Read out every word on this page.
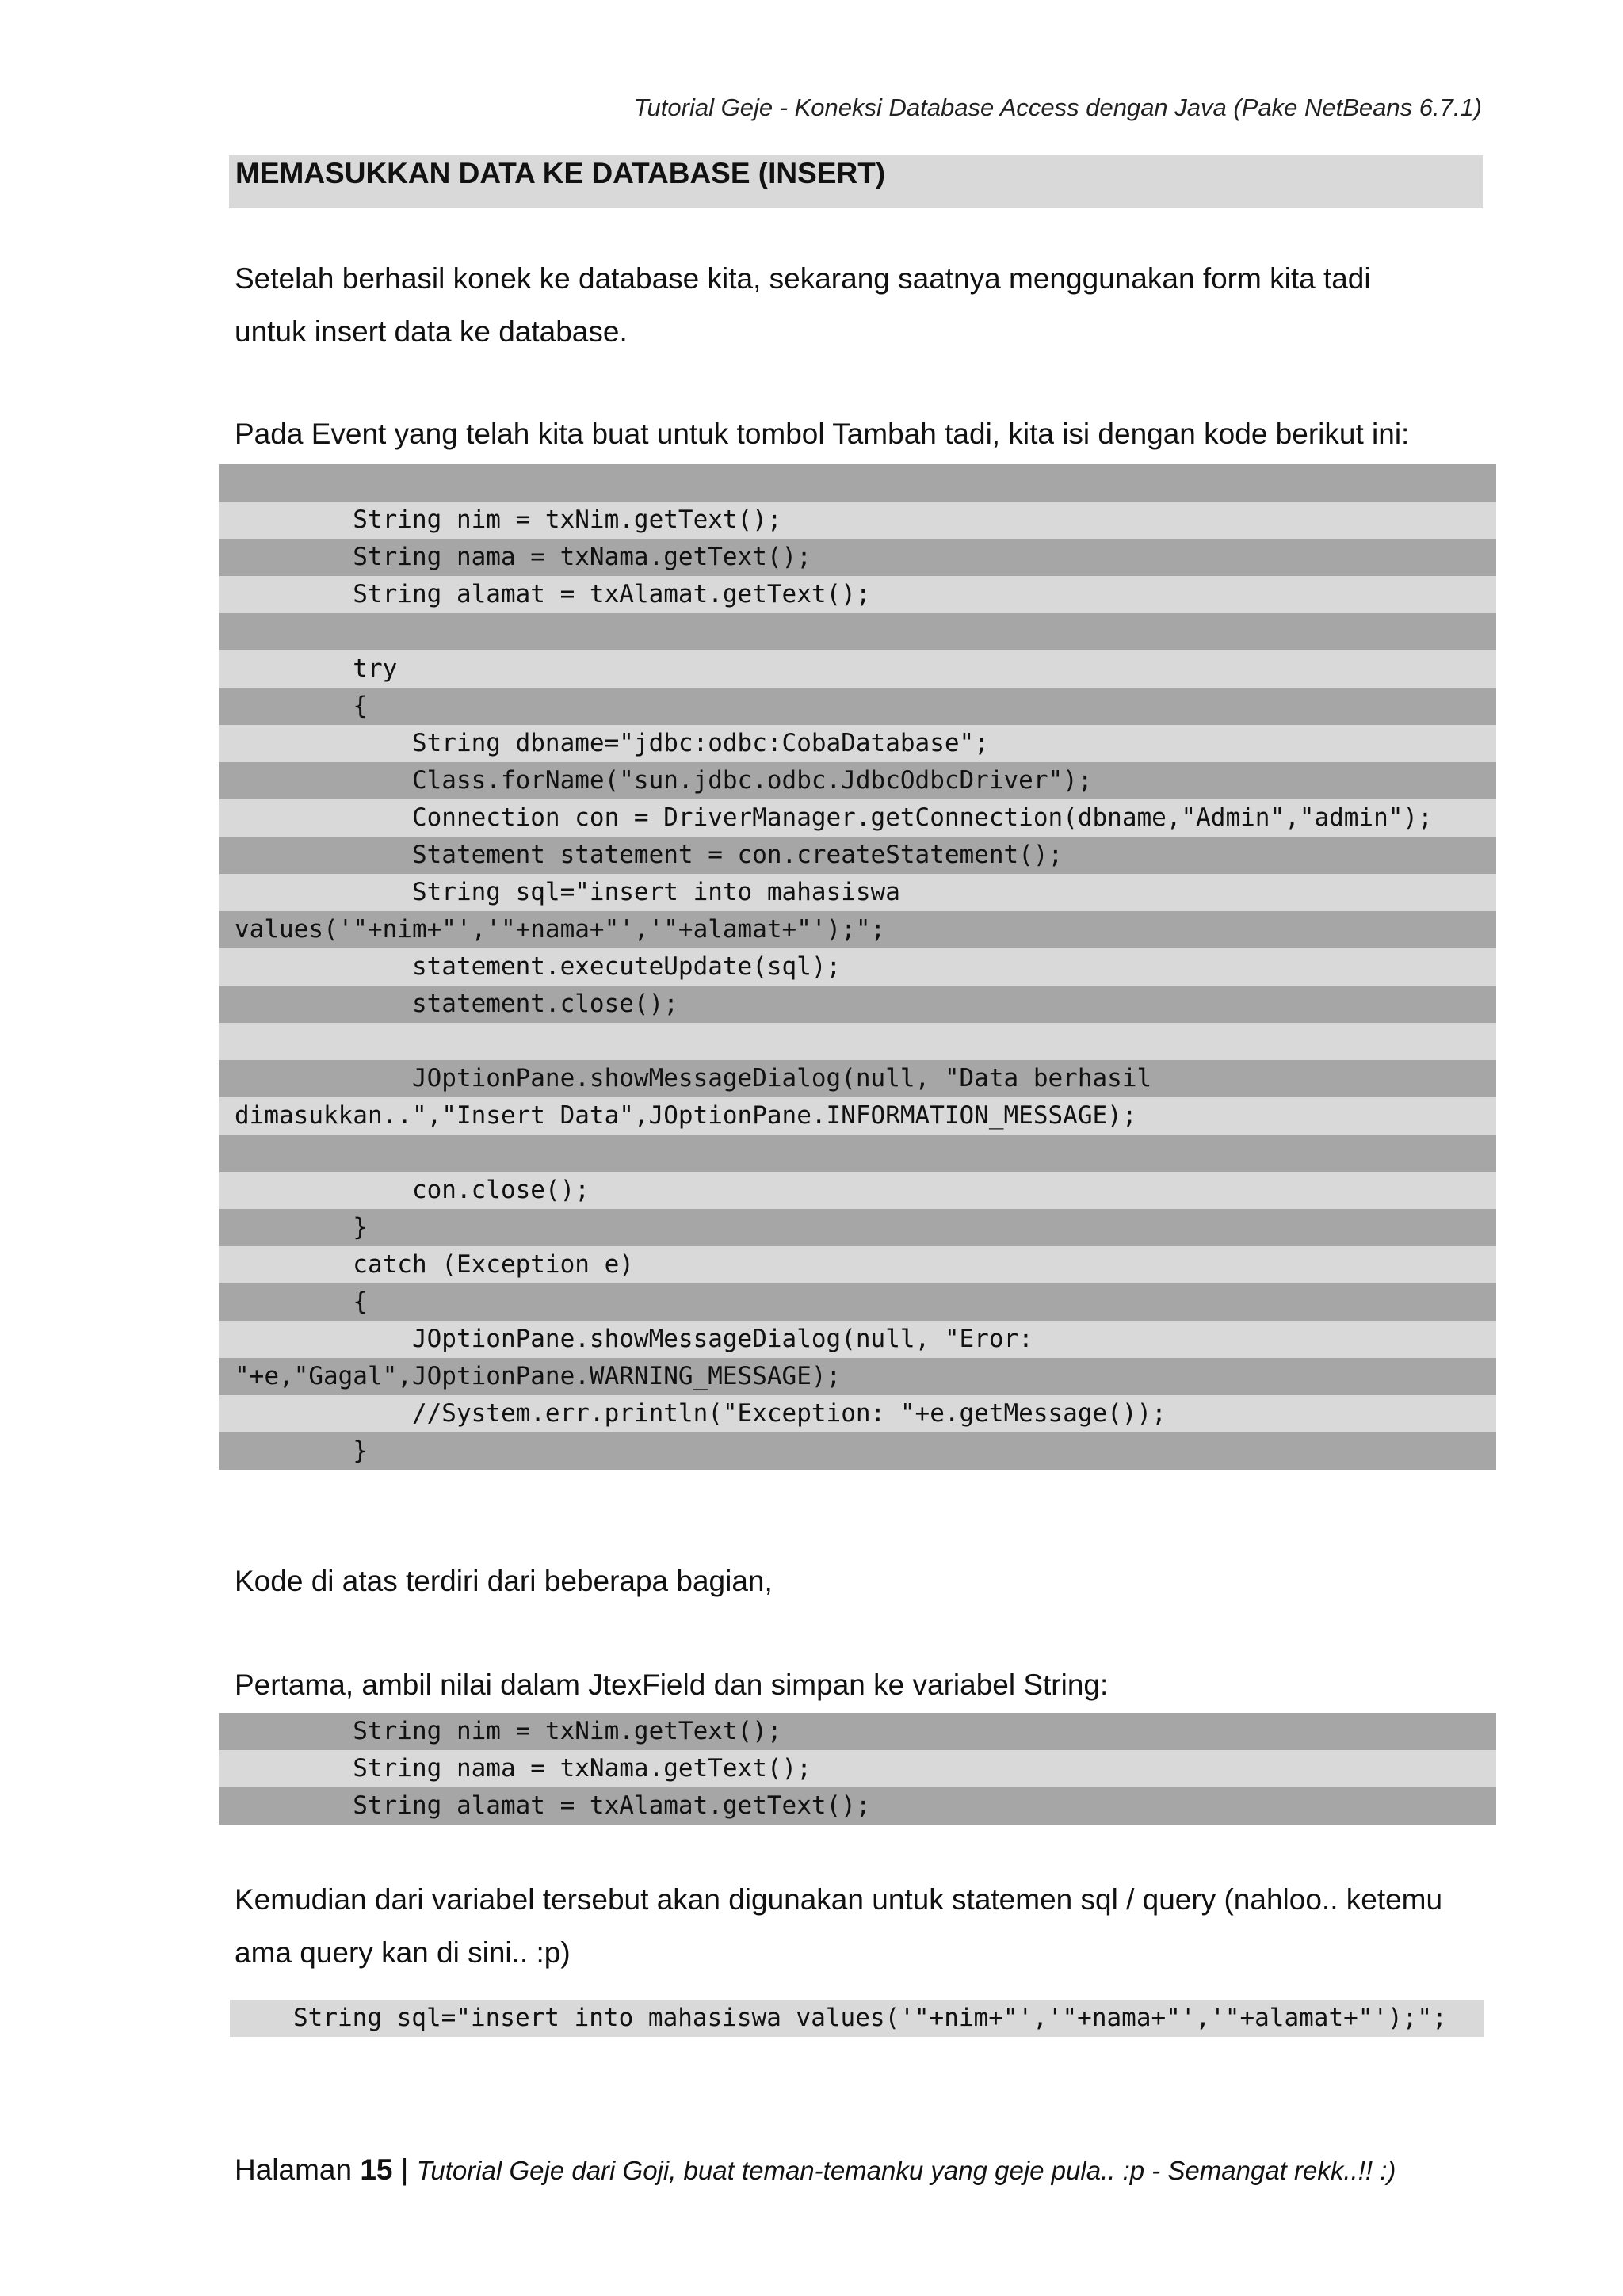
Tutorial Geje - Koneksi Database Access dengan Java (Pake NetBeans 6.7.1)
MEMASUKKAN DATA KE DATABASE (INSERT)

Setelah berhasil konek ke database kita, sekarang saatnya menggunakan form kita tadi

untuk insert data ke database.

Pada Event yang telah kita buat untuk tombol Tambah tadi, kita isi dengan kode berikut ini:

String nim = txNim.getText();
String nama = txNama.getText();
String alamat = txAlamat.getText();
try
{
String dbname="jdbc:odbc:CobaDatabase";
Class.forName("sun.jdbc.odbc.JdbcOdbcDriver");
Connection con = DriverManager.getConnection(dbname,"Admin","admin");
Statement statement = con.createStatement();
String sql="insert into mahasiswa
values('"+nim+"','"+nama+"','"+alamat+"');";
statement.executeUpdate(sql);
statement.close();
JOptionPane.showMessageDialog(null, "Data berhasil
dimasukkan..","Insert Data",JOptionPane.INFORMATION_MESSAGE);
con.close();
}
catch (Exception e)
{
JOptionPane.showMessageDialog(null, "Eror:
"+e,"Gagal",JOptionPane.WARNING_MESSAGE);
//System.err.println("Exception: "+e.getMessage());
}

Kode di atas terdiri dari beberapa bagian,

Pertama, ambil nilai dalam JtexField dan simpan ke variabel String:

String nim = txNim.getText();
String nama = txNama.getText();
String alamat = txAlamat.getText();

Kemudian dari variabel tersebut akan digunakan untuk statemen sql / query (nahloo.. ketemu

ama query kan di sini.. :p)

String sql="insert into mahasiswa values('"+nim+"','"+nama+"','"+alamat+"');";
Halaman 15 | Tutorial Geje dari Goji, buat teman-temanku yang geje pula.. :p - Semangat rekk..!! :)
